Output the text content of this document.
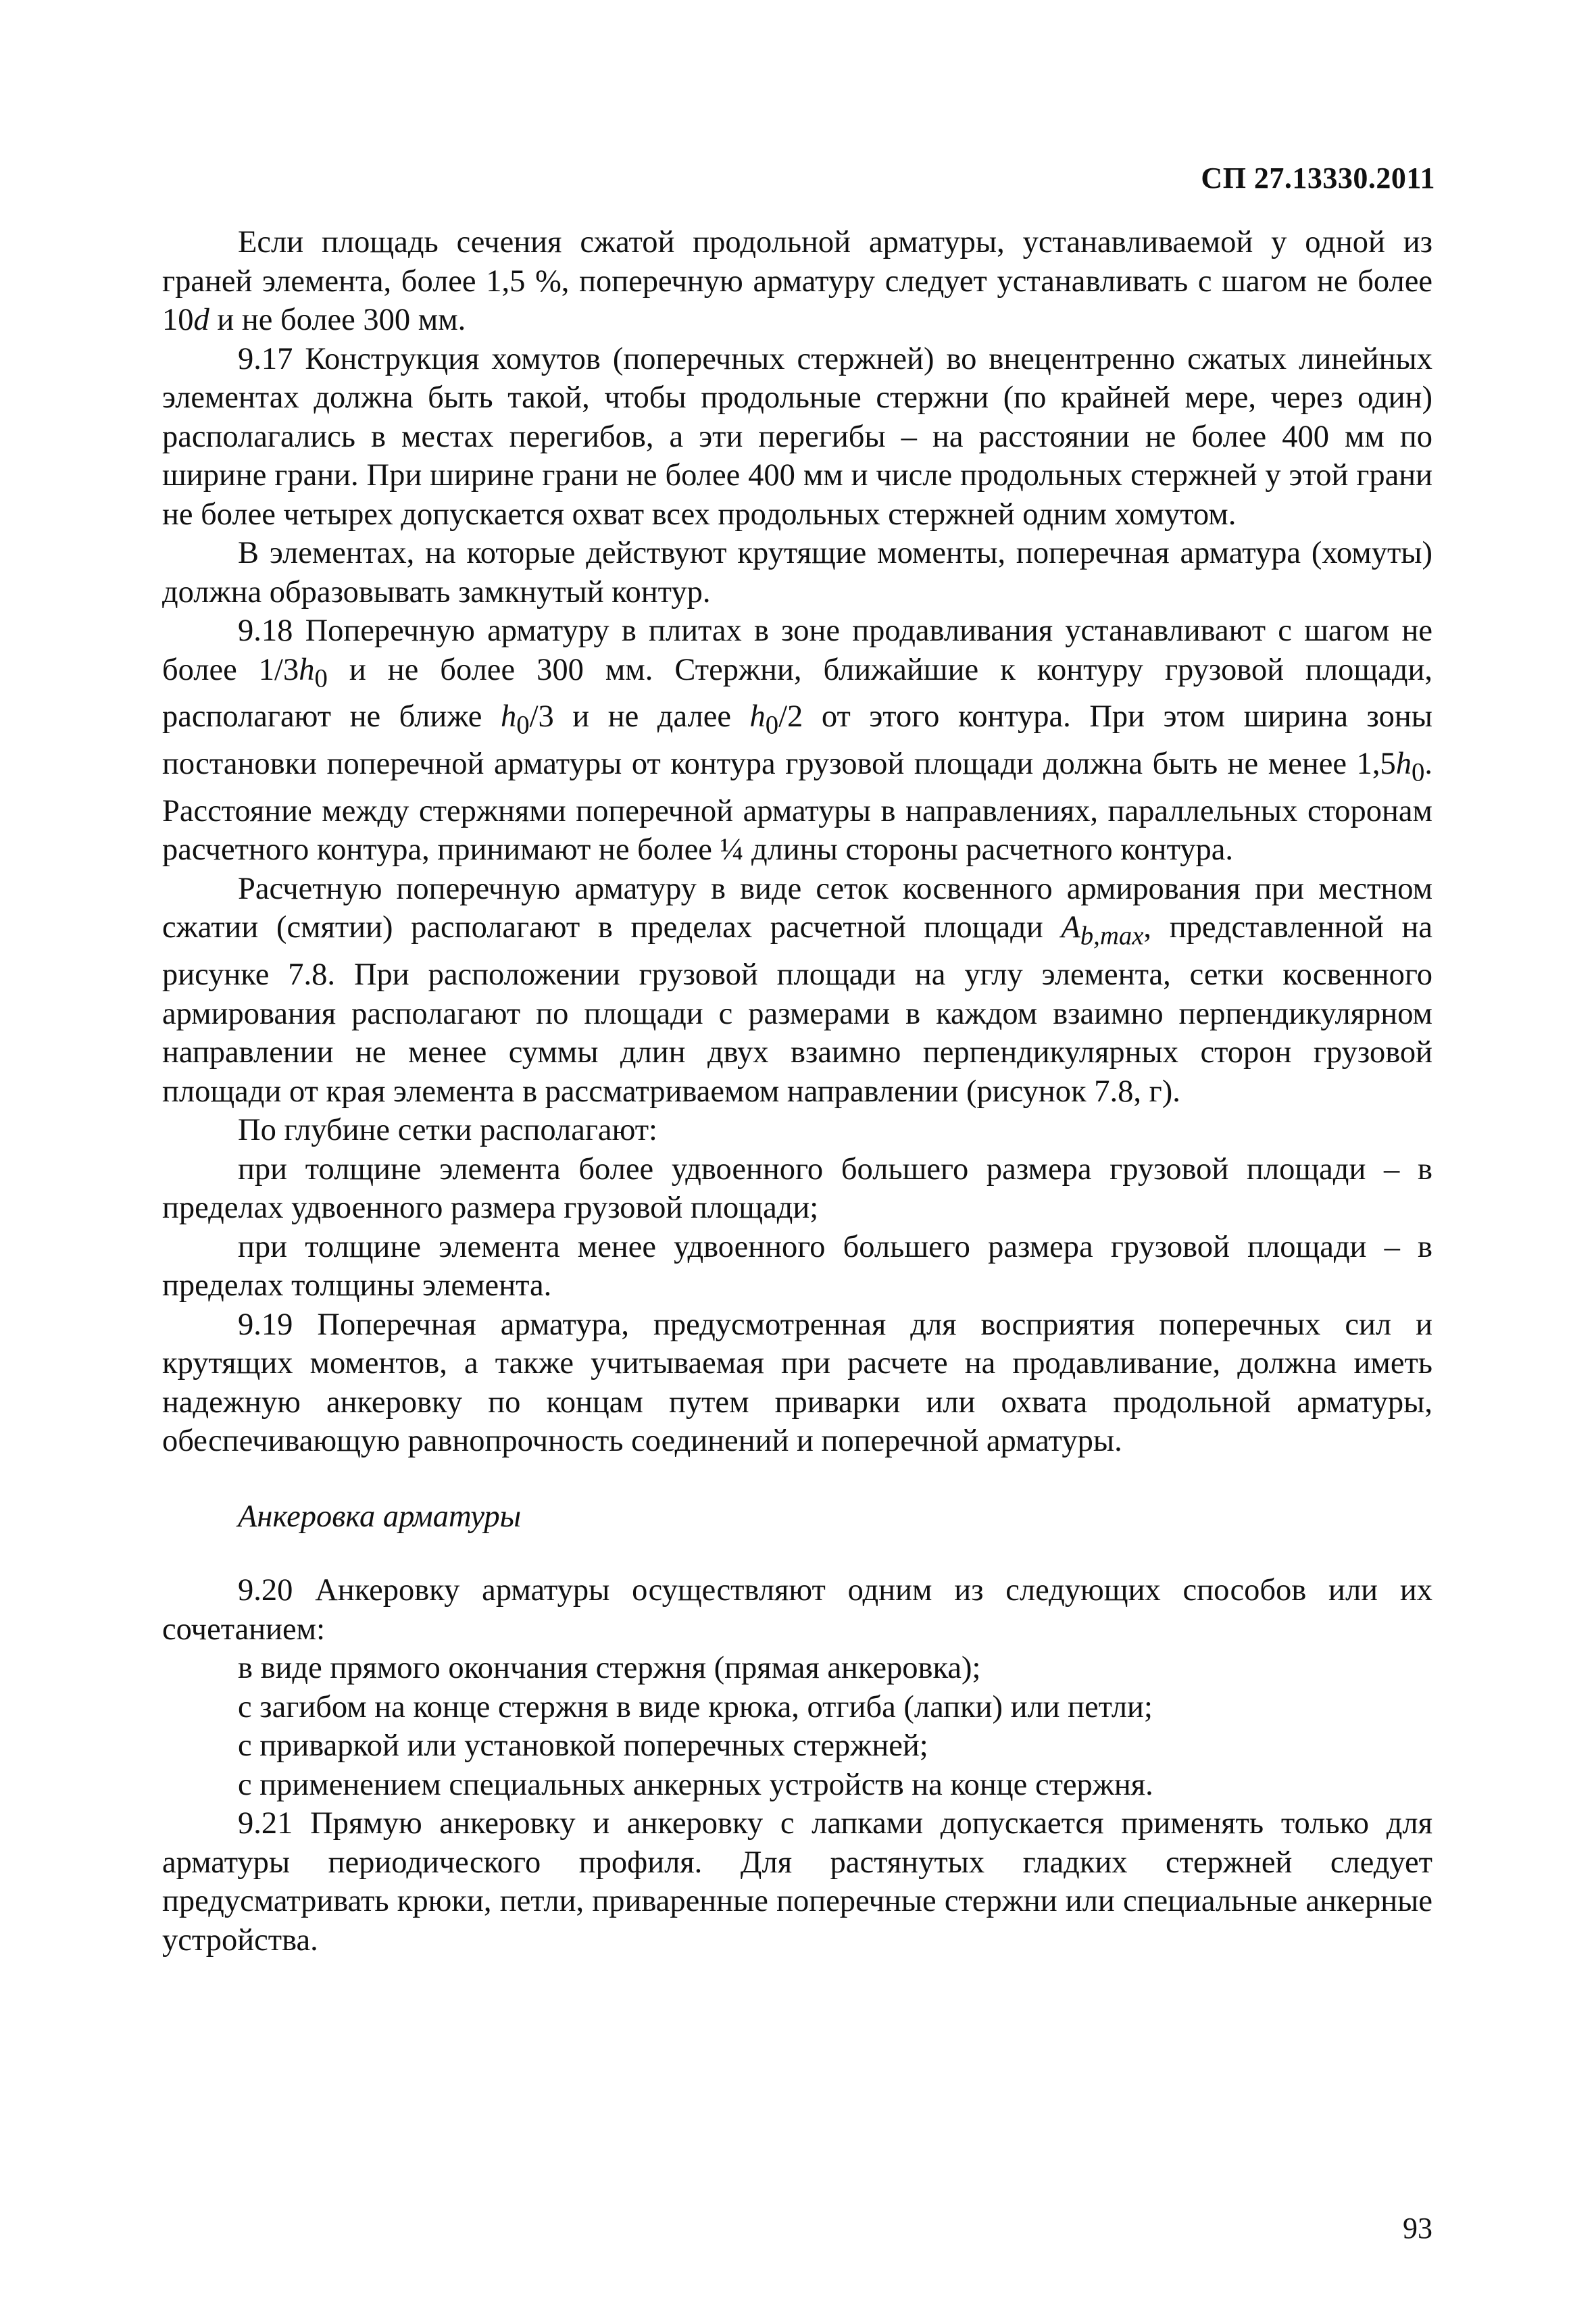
СП 27.13330.2011

Если площадь сечения сжатой продольной арматуры, устанавливаемой у одной из граней элемента, более 1,5 %, поперечную арматуру следует устанавливать с шагом не более 10d и не более 300 мм.

9.17 Конструкция хомутов (поперечных стержней) во внецентренно сжатых линейных элементах должна быть такой, чтобы продольные стержни (по крайней мере, через один) располагались в местах перегибов, а эти перегибы – на расстоянии не более 400 мм по ширине грани. При ширине грани не более 400 мм и числе продольных стержней у этой грани не более четырех допускается охват всех продольных стержней одним хомутом.

В элементах, на которые действуют крутящие моменты, поперечная арматура (хомуты) должна образовывать замкнутый контур.

9.18 Поперечную арматуру в плитах в зоне продавливания устанавливают с шагом не более $1/3h_0$ и не более 300 мм. Стержни, ближайшие к контуру грузовой площади, располагают не ближе $h_0/3$ и не далее $h_0/2$ от этого контура. При этом ширина зоны постановки поперечной арматуры от контура грузовой площади должна быть не менее $1,5h_0$. Расстояние между стержнями поперечной арматуры в направлениях, параллельных сторонам расчетного контура, принимают не более ¼ длины стороны расчетного контура.

Расчетную поперечную арматуру в виде сеток косвенного армирования при местном сжатии (смятии) располагают в пределах расчетной площади $A_{b,max}$, представленной на рисунке 7.8. При расположении грузовой площади на углу элемента, сетки косвенного армирования располагают по площади с размерами в каждом взаимно перпендикулярном направлении не менее суммы длин двух взаимно перпендикулярных сторон грузовой площади от края элемента в рассматриваемом направлении (рисунок 7.8, г).

По глубине сетки располагают:

при толщине элемента более удвоенного большего размера грузовой площади – в пределах удвоенного размера грузовой площади;

при толщине элемента менее удвоенного большего размера грузовой площади – в пределах толщины элемента.

9.19 Поперечная арматура, предусмотренная для восприятия поперечных сил и крутящих моментов, а также учитываемая при расчете на продавливание, должна иметь надежную анкеровку по концам путем приварки или охвата продольной арматуры, обеспечивающую равнопрочность соединений и поперечной арматуры.

Анкеровка арматуры

9.20 Анкеровку арматуры осуществляют одним из следующих способов или их сочетанием:

в виде прямого окончания стержня (прямая анкеровка);

с загибом на конце стержня в виде крюка, отгиба (лапки) или петли;

с приваркой или установкой поперечных стержней;

с применением специальных анкерных устройств на конце стержня.

9.21 Прямую анкеровку и анкеровку с лапками допускается применять только для арматуры периодического профиля. Для растянутых гладких стержней следует предусматривать крюки, петли, приваренные поперечные стержни или специальные анкерные устройства.

93
